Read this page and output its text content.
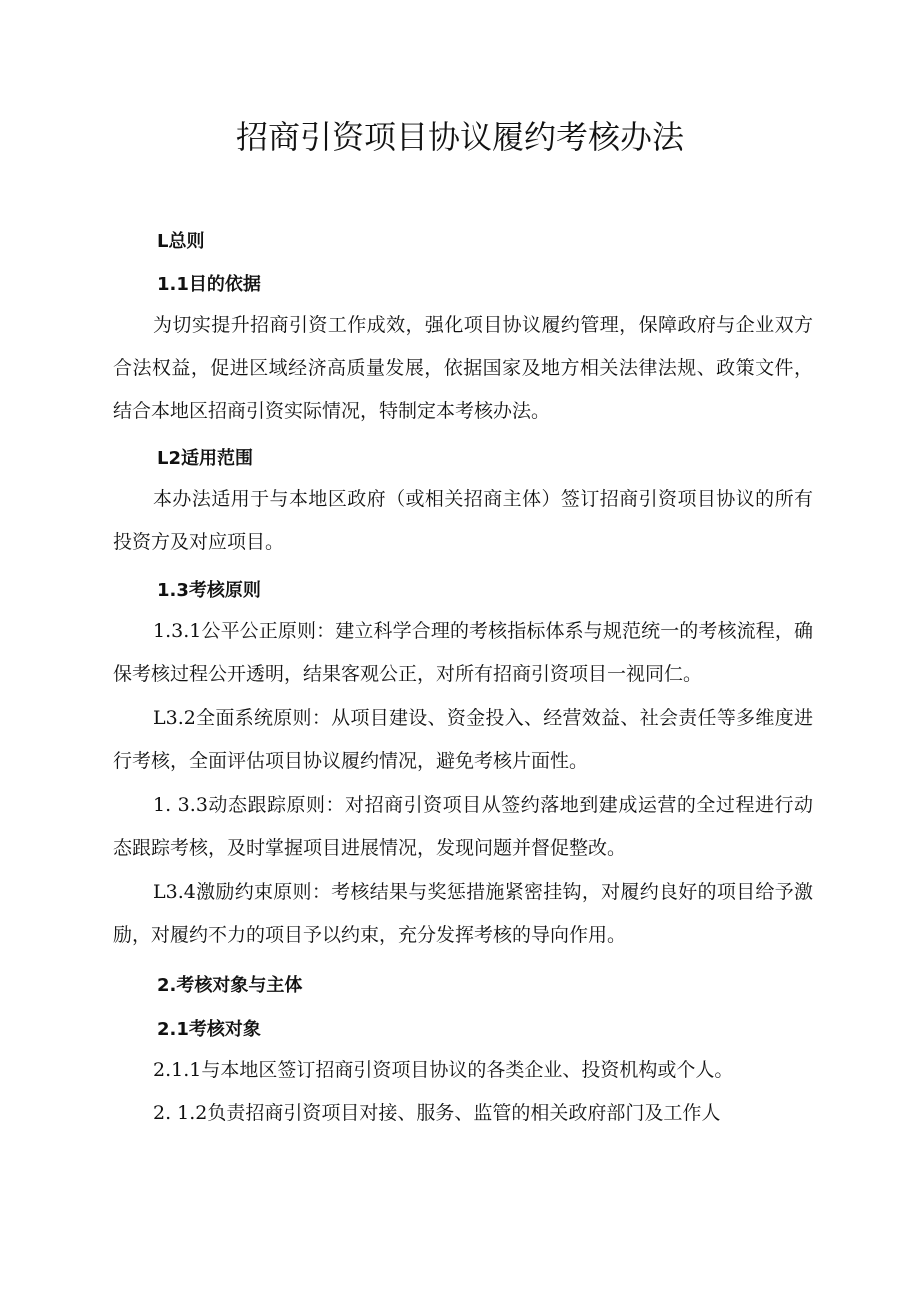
招商引资项目协议履约考核办法
L总则
1.1目的依据
为切实提升招商引资工作成效，强化项目协议履约管理，保障政府与企业双方合法权益，促进区域经济高质量发展，依据国家及地方相关法律法规、政策文件，结合本地区招商引资实际情况，特制定本考核办法。
L2适用范围
本办法适用于与本地区政府（或相关招商主体）签订招商引资项目协议的所有投资方及对应项目。
1.3考核原则
1.3.1公平公正原则：建立科学合理的考核指标体系与规范统一的考核流程，确保考核过程公开透明，结果客观公正，对所有招商引资项目一视同仁。
L3.2全面系统原则：从项目建设、资金投入、经营效益、社会责任等多维度进行考核，全面评估项目协议履约情况，避免考核片面性。
1. 3.3动态跟踪原则：对招商引资项目从签约落地到建成运营的全过程进行动态跟踪考核，及时掌握项目进展情况，发现问题并督促整改。
L3.4激励约束原则：考核结果与奖惩措施紧密挂钩，对履约良好的项目给予激励，对履约不力的项目予以约束，充分发挥考核的导向作用。
2.考核对象与主体
2.1考核对象
2.1.1与本地区签订招商引资项目协议的各类企业、投资机构或个人。
2. 1.2负责招商引资项目对接、服务、监管的相关政府部门及工作人
